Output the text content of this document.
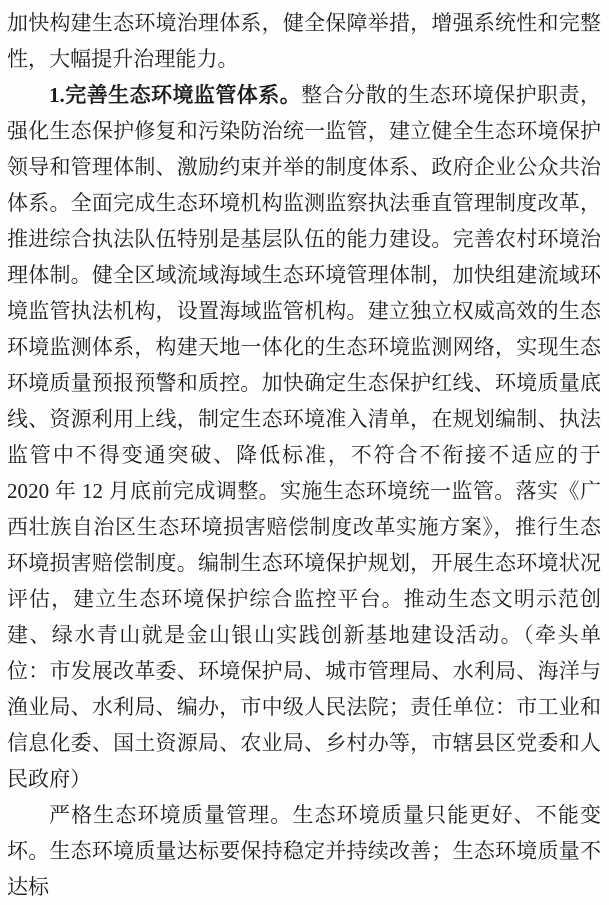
加快构建生态环境治理体系，健全保障举措，增强系统性和完整性，大幅提升治理能力。

1.完善生态环境监管体系。整合分散的生态环境保护职责，强化生态保护修复和污染防治统一监管，建立健全生态环境保护领导和管理体制、激励约束并举的制度体系、政府企业公众共治体系。全面完成生态环境机构监测监察执法垂直管理制度改革，推进综合执法队伍特别是基层队伍的能力建设。完善农村环境治理体制。健全区域流域海域生态环境管理体制，加快组建流域环境监管执法机构，设置海域监管机构。建立独立权威高效的生态环境监测体系，构建天地一体化的生态环境监测网络，实现生态环境质量预报预警和质控。加快确定生态保护红线、环境质量底线、资源利用上线，制定生态环境准入清单，在规划编制、执法监管中不得变通突破、降低标准，不符合不衔接不适应的于 2020 年 12 月底前完成调整。实施生态环境统一监管。落实《广西壮族自治区生态环境损害赔偿制度改革实施方案》，推行生态环境损害赔偿制度。编制生态环境保护规划，开展生态环境状况评估，建立生态环境保护综合监控平台。推动生态文明示范创建、绿水青山就是金山银山实践创新基地建设活动。（牵头单位：市发展改革委、环境保护局、城市管理局、水利局、海洋与渔业局、水利局、编办，市中级人民法院；责任单位：市工业和信息化委、国土资源局、农业局、乡村办等，市辖县区党委和人民政府）

严格生态环境质量管理。生态环境质量只能更好、不能变坏。生态环境质量达标要保持稳定并持续改善；生态环境质量不达标
